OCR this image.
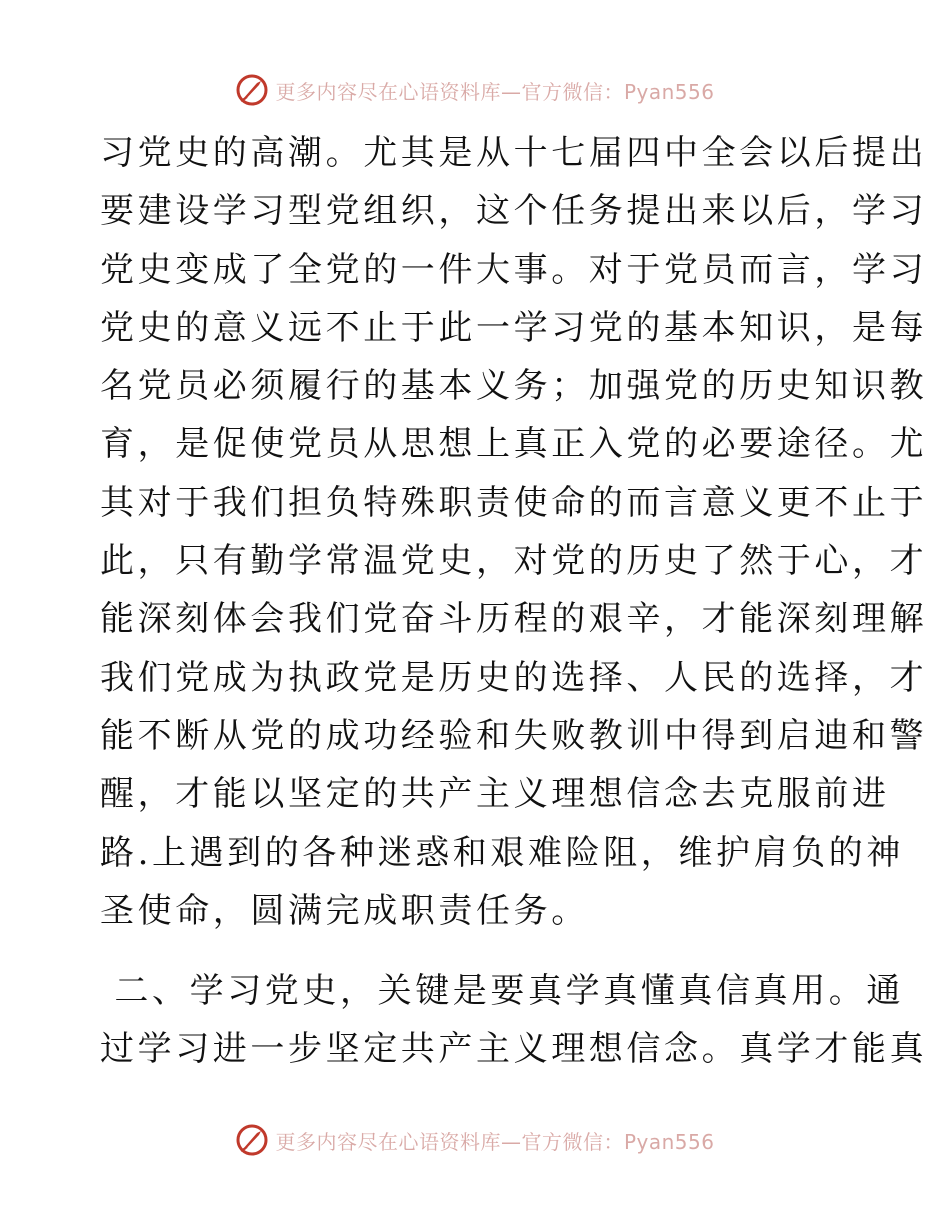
更多内容尽在心语资料库—官方微信：Pyan556
习党史的高潮。尤其是从十七届四中全会以后提出
要建设学习型党组织，这个任务提出来以后，学习
党史变成了全党的一件大事。对于党员而言，学习
党史的意义远不止于此一学习党的基本知识，是每
名党员必须履行的基本义务；加强党的历史知识教
育，是促使党员从思想上真正入党的必要途径。尤
其对于我们担负特殊职责使命的而言意义更不止于
此，只有勤学常温党史，对党的历史了然于心，才
能深刻体会我们党奋斗历程的艰辛，才能深刻理解
我们党成为执政党是历史的选择、人民的选择，才
能不断从党的成功经验和失败教训中得到启迪和警
醒，才能以坚定的共产主义理想信念去克服前进
路.上遇到的各种迷惑和艰难险阻，维护肩负的神
圣使命，圆满完成职责任务。
二、学习党史，关键是要真学真懂真信真用。通
过学习进一步坚定共产主义理想信念。真学才能真
更多内容尽在心语资料库—官方微信：Pyan556
